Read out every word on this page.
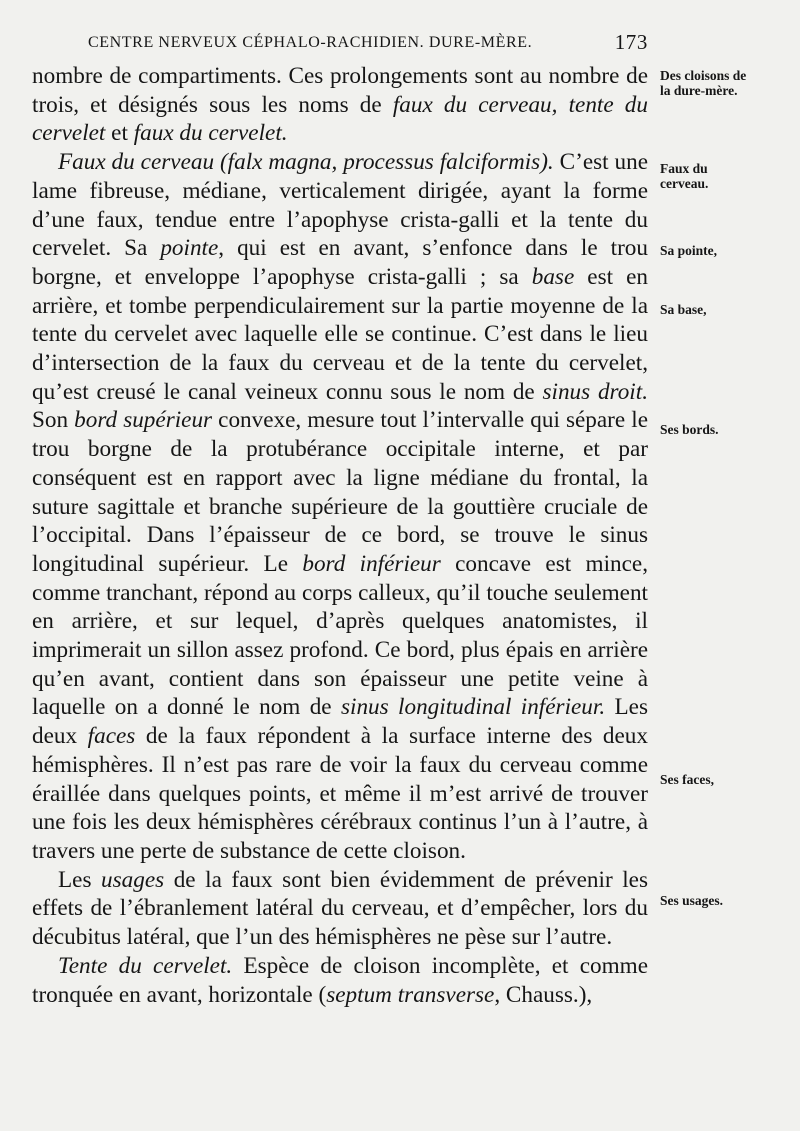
CENTRE NERVEUX CÉPHALO-RACHIDIEN. DURE-MÈRE.	173

nombre de compartiments. Ces prolongements sont au nombre de trois, et désignés sous les noms de faux du cerveau, tente du cervelet et faux du cervelet.

Faux du cerveau (falx magna, processus falciformis). C’est une lame fibreuse, médiane, verticalement dirigée, ayant la forme d’une faux, tendue entre l’apophyse crista-galli et la tente du cervelet. Sa pointe, qui est en avant, s’enfonce dans le trou borgne, et enveloppe l’apophyse crista-galli ; sa base est en arrière, et tombe perpendiculairement sur la partie moyenne de la tente du cervelet avec laquelle elle se continue. C’est dans le lieu d’intersection de la faux du cerveau et de la tente du cervelet, qu’est creusé le canal veineux connu sous le nom de sinus droit. Son bord supérieur convexe, mesure tout l’intervalle qui sépare le trou borgne de la protubérance occipitale interne, et par conséquent est en rapport avec la ligne médiane du frontal, la suture sagittale et branche supérieure de la gouttière cruciale de l’occipital. Dans l’épaisseur de ce bord, se trouve le sinus longitudinal supérieur. Le bord inférieur concave est mince, comme tranchant, répond au corps calleux, qu’il touche seulement en arrière, et sur lequel, d’après quelques anatomistes, il imprimerait un sillon assez profond. Ce bord, plus épais en arrière qu’en avant, contient dans son épaisseur une petite veine à laquelle on a donné le nom de sinus longitudinal inférieur. Les deux faces de la faux répondent à la surface interne des deux hémisphères. Il n’est pas rare de voir la faux du cerveau comme éraillée dans quelques points, et même il m’est arrivé de trouver une fois les deux hémisphères cérébraux continus l’un à l’autre, à travers une perte de substance de cette cloison.

Les usages de la faux sont bien évidemment de prévenir les effets de l’ébranlement latéral du cerveau, et d’empêcher, lors du décubitus latéral, que l’un des hémisphères ne pèse sur l’autre.

Tente du cervelet. Espèce de cloison incomplète, et comme tronquée en avant, horizontale (septum transverse, Chauss.),

Des cloisons de la dure-mère.
Faux du cerveau.
Sa pointe,
Sa base,
Ses bords.
Ses faces,
Ses usages.
